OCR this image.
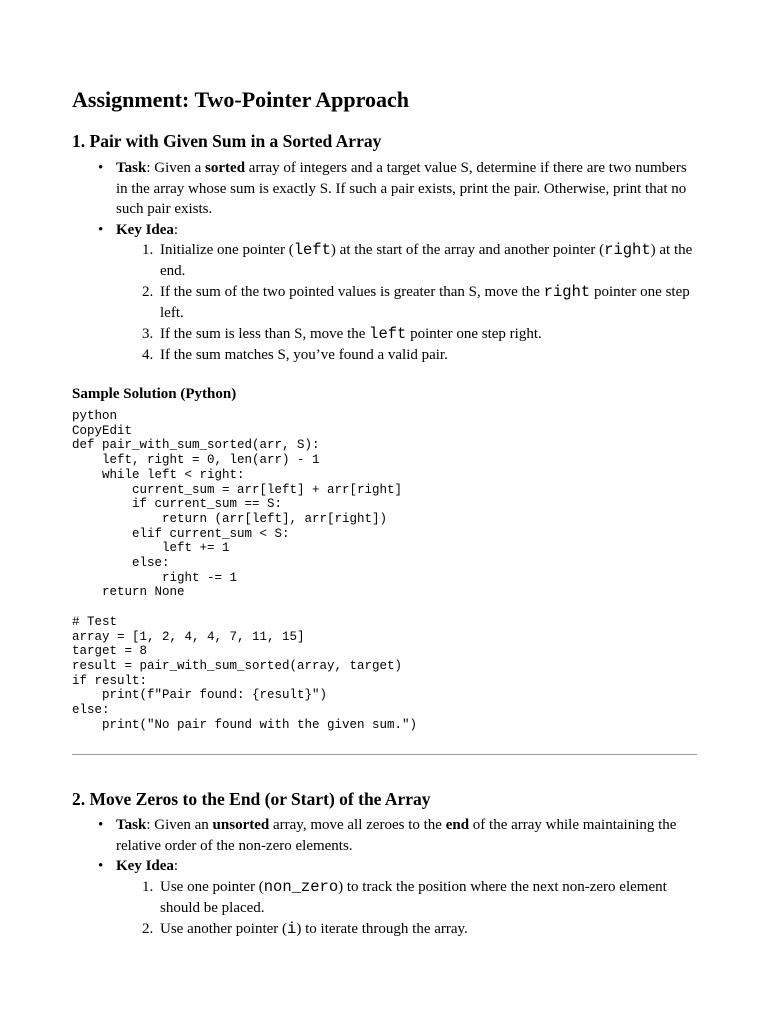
Assignment: Two-Pointer Approach
1. Pair with Given Sum in a Sorted Array
• Task: Given a sorted array of integers and a target value S, determine if there are two numbers in the array whose sum is exactly S. If such a pair exists, print the pair. Otherwise, print that no such pair exists.
• Key Idea:
1. Initialize one pointer (left) at the start of the array and another pointer (right) at the end.
2. If the sum of the two pointed values is greater than S, move the right pointer one step left.
3. If the sum is less than S, move the left pointer one step right.
4. If the sum matches S, you’ve found a valid pair.
Sample Solution (Python)
python
CopyEdit
def pair_with_sum_sorted(arr, S):
left, right = 0, len(arr) - 1
while left < right:
current_sum = arr[left] + arr[right]
if current_sum == S:
return (arr[left], arr[right])
elif current_sum < S:
left += 1
else:
right -= 1
return None

# Test
array = [1, 2, 4, 4, 7, 11, 15]
target = 8
result = pair_with_sum_sorted(array, target)
if result:
print(f"Pair found: {result}")
else:
print("No pair found with the given sum.")
2. Move Zeros to the End (or Start) of the Array
• Task: Given an unsorted array, move all zeroes to the end of the array while maintaining the relative order of the non-zero elements.
• Key Idea:
1. Use one pointer (non_zero) to track the position where the next non-zero element should be placed.
2. Use another pointer (i) to iterate through the array.
